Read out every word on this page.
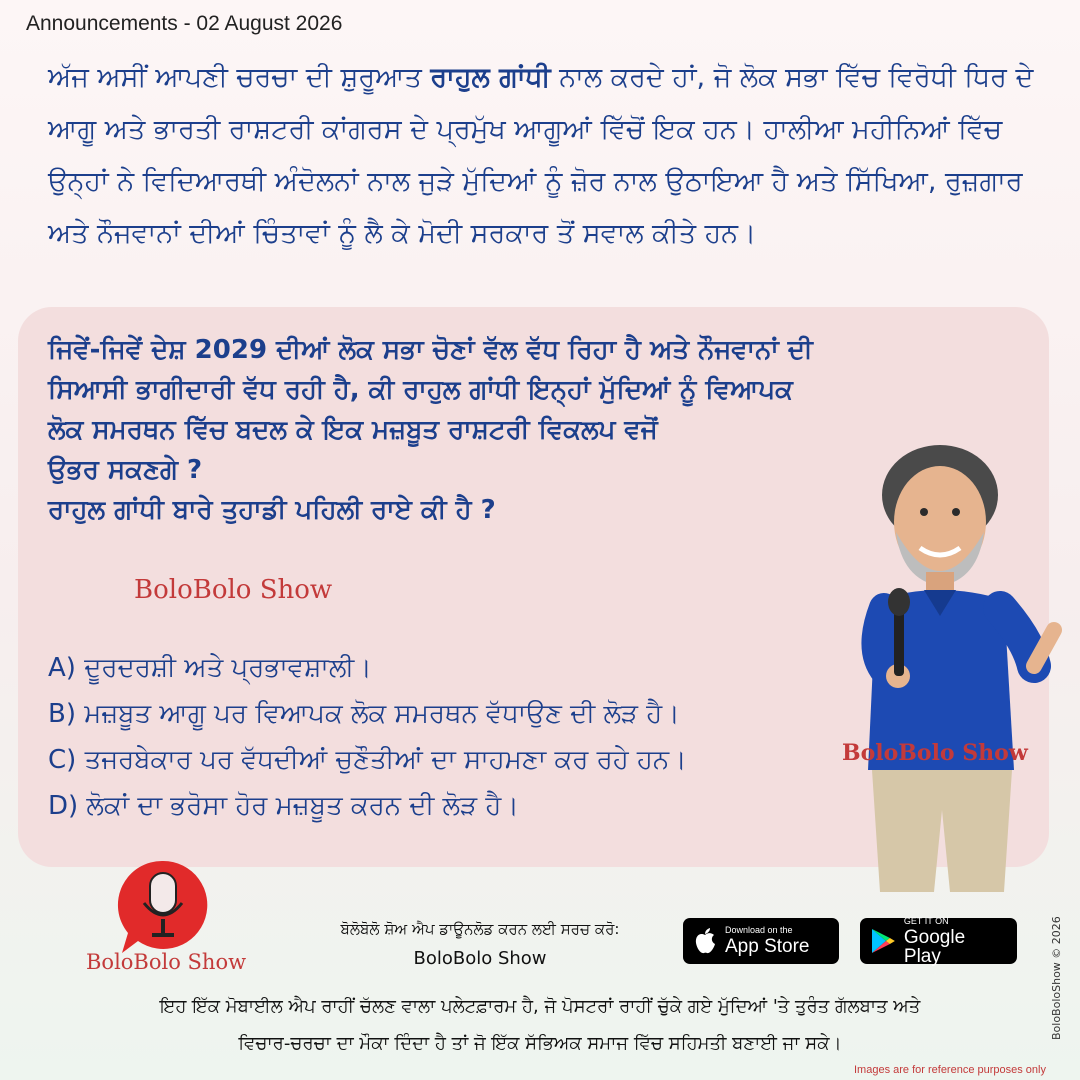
Announcements - 02 August 2026
ਅੱਜ ਅਸੀਂ ਆਪਣੀ ਚਰਚਾ ਦੀ ਸ਼ੁਰੂਆਤ ਰਾਹੁਲ ਗਾਂਧੀ ਨਾਲ ਕਰਦੇ ਹਾਂ, ਜੋ ਲੋਕ ਸਭਾ ਵਿੱਚ ਵਿਰੋਧੀ ਧਿਰ ਦੇ ਆਗੂ ਅਤੇ ਭਾਰਤੀ ਰਾਸ਼ਟਰੀ ਕਾਂਗਰਸ ਦੇ ਪ੍ਰਮੁੱਖ ਆਗੂਆਂ ਵਿੱਚੋਂ ਇਕ ਹਨ। ਹਾਲੀਆ ਮਹੀਨਿਆਂ ਵਿੱਚ ਉਨ੍ਹਾਂ ਨੇ ਵਿਦਿਆਰਥੀ ਅੰਦੋਲਨਾਂ ਨਾਲ ਜੁੜੇ ਮੁੱਦਿਆਂ ਨੂੰ ਜ਼ੋਰ ਨਾਲ ਉਠਾਇਆ ਹੈ ਅਤੇ ਸਿੱਖਿਆ, ਰੁਜ਼ਗਾਰ ਅਤੇ ਨੌਜਵਾਨਾਂ ਦੀਆਂ ਚਿੰਤਾਵਾਂ ਨੂੰ ਲੈ ਕੇ ਮੋਦੀ ਸਰਕਾਰ ਤੋਂ ਸਵਾਲ ਕੀਤੇ ਹਨ।
ਜਿਵੇਂ-ਜਿਵੇਂ ਦੇਸ਼ 2029 ਦੀਆਂ ਲੋਕ ਸਭਾ ਚੋਣਾਂ ਵੱਲ ਵੱਧ ਰਿਹਾ ਹੈ ਅਤੇ ਨੌਜਵਾਨਾਂ ਦੀ
ਸਿਆਸੀ ਭਾਗੀਦਾਰੀ ਵੱਧ ਰਹੀ ਹੈ, ਕੀ ਰਾਹੁਲ ਗਾਂਧੀ ਇਨ੍ਹਾਂ ਮੁੱਦਿਆਂ ਨੂੰ ਵਿਆਪਕ
ਲੋਕ ਸਮਰਥਨ ਵਿੱਚ ਬਦਲ ਕੇ ਇਕ ਮਜ਼ਬੂਤ ਰਾਸ਼ਟਰੀ ਵਿਕਲਪ ਵਜੋਂ
ਉਭਰ ਸਕਣਗੇ ?
ਰਾਹੁਲ ਗਾਂਧੀ ਬਾਰੇ ਤੁਹਾਡੀ ਪਹਿਲੀ ਰਾਏ ਕੀ ਹੈ ?
BoloBolo Show
A) ਦੂਰਦਰਸ਼ੀ ਅਤੇ ਪ੍ਰਭਾਵਸ਼ਾਲੀ।
B) ਮਜ਼ਬੂਤ ਆਗੂ ਪਰ ਵਿਆਪਕ ਲੋਕ ਸਮਰਥਨ ਵੱਧਾਉਣ ਦੀ ਲੋੜ ਹੈ।
C) ਤਜਰਬੇਕਾਰ ਪਰ ਵੱਧਦੀਆਂ ਚੁਣੌਤੀਆਂ ਦਾ ਸਾਹਮਣਾ ਕਰ ਰਹੇ ਹਨ।
D) ਲੋਕਾਂ ਦਾ ਭਰੋਸਾ ਹੋਰ ਮਜ਼ਬੂਤ ਕਰਨ ਦੀ ਲੋੜ ਹੈ।
BoloBolo Show
BoloBolo Show
ਬੋਲੋਬੋਲੋ ਸ਼ੋਅ ਐਪ ਡਾਊਨਲੋਡ ਕਰਨ ਲਈ ਸਰਚ ਕਰੋ:
BoloBolo Show
Download on the
App Store
GET IT ON
Google Play
ਇਹ ਇੱਕ ਮੋਬਾਈਲ ਐਪ ਰਾਹੀਂ ਚੱਲਣ ਵਾਲਾ ਪਲੇਟਫ਼ਾਰਮ ਹੈ, ਜੋ ਪੋਸਟਰਾਂ ਰਾਹੀਂ ਚੁੱਕੇ ਗਏ ਮੁੱਦਿਆਂ 'ਤੇ ਤੁਰੰਤ ਗੱਲਬਾਤ ਅਤੇ
ਵਿਚਾਰ-ਚਰਚਾ ਦਾ ਮੌਕਾ ਦਿੰਦਾ ਹੈ ਤਾਂ ਜੋ ਇੱਕ ਸੱਭਿਅਕ ਸਮਾਜ ਵਿੱਚ ਸਹਿਮਤੀ ਬਣਾਈ ਜਾ ਸਕੇ।
BoloBoloShow © 2026
Images are for reference purposes only
